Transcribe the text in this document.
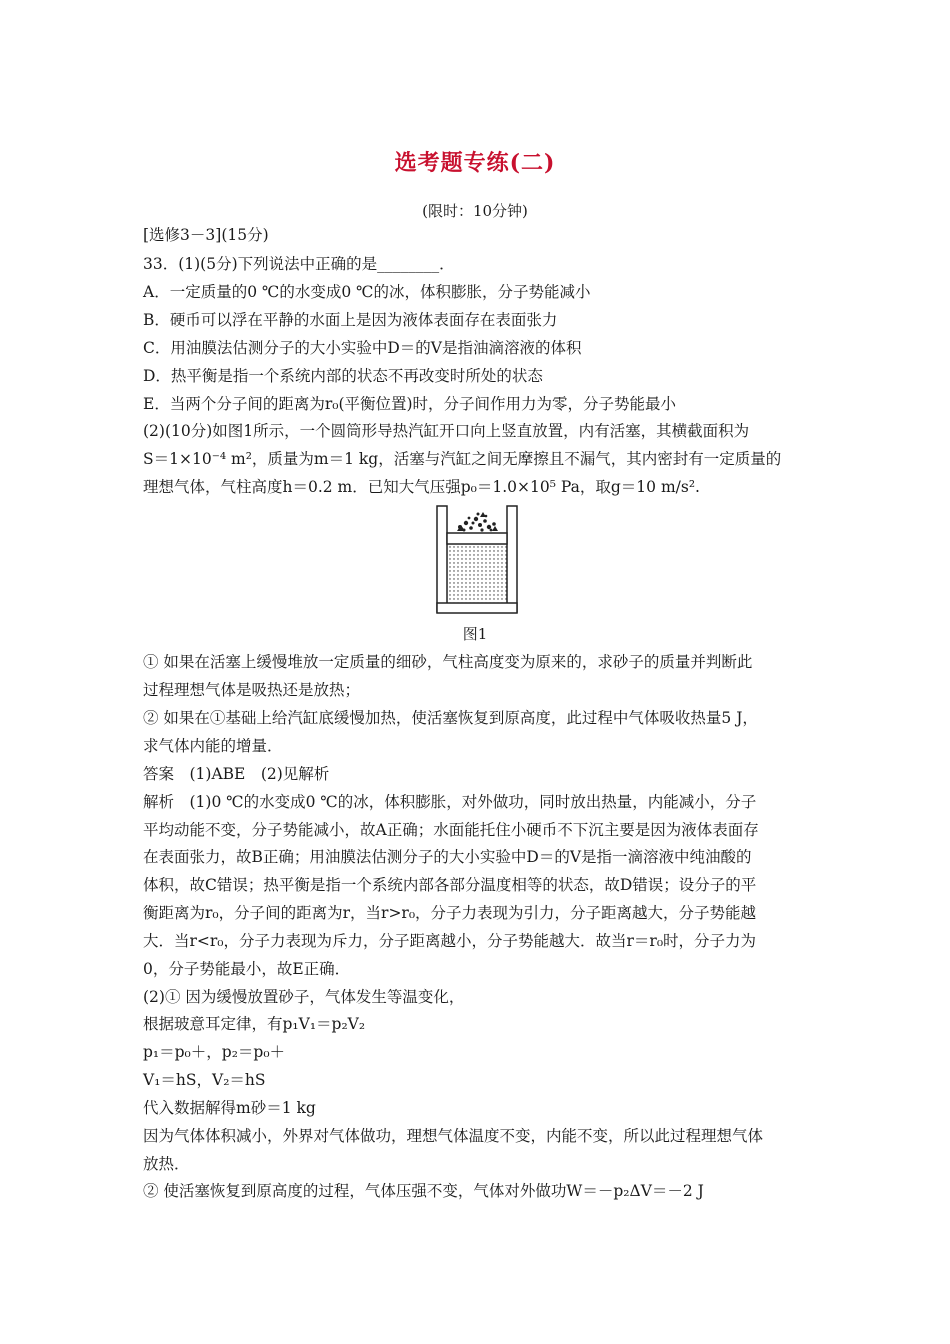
选考题专练(二)
(限时：10分钟)
[选修3－3](15分)
33．(1)(5分)下列说法中正确的是________．
A．一定质量的0 ℃的水变成0 ℃的冰，体积膨胀，分子势能减小
B．硬币可以浮在平静的水面上是因为液体表面存在表面张力
C．用油膜法估测分子的大小实验中D＝的V是指油滴溶液的体积
D．热平衡是指一个系统内部的状态不再改变时所处的状态
E．当两个分子间的距离为r₀(平衡位置)时，分子间作用力为零，分子势能最小
(2)(10分)如图1所示，一个圆筒形导热汽缸开口向上竖直放置，内有活塞，其横截面积为
S＝1×10⁻⁴ m²，质量为m＝1 kg，活塞与汽缸之间无摩擦且不漏气，其内密封有一定质量的
理想气体，气柱高度h＝0.2 m．已知大气压强p₀＝1.0×10⁵ Pa，取g＝10 m/s².
图1
① 如果在活塞上缓慢堆放一定质量的细砂，气柱高度变为原来的，求砂子的质量并判断此
过程理想气体是吸热还是放热；
② 如果在①基础上给汽缸底缓慢加热，使活塞恢复到原高度，此过程中气体吸收热量5 J，
求气体内能的增量．
答案　(1)ABE　(2)见解析
解析　(1)0 ℃的水变成0 ℃的冰，体积膨胀，对外做功，同时放出热量，内能减小，分子
平均动能不变，分子势能减小，故A正确；水面能托住小硬币不下沉主要是因为液体表面存
在表面张力，故B正确；用油膜法估测分子的大小实验中D＝的V是指一滴溶液中纯油酸的
体积，故C错误；热平衡是指一个系统内部各部分温度相等的状态，故D错误；设分子的平
衡距离为r₀，分子间的距离为r，当r>r₀，分子力表现为引力，分子距离越大，分子势能越
大．当r<r₀，分子力表现为斥力，分子距离越小，分子势能越大．故当r＝r₀时，分子力为
0，分子势能最小，故E正确．
(2)① 因为缓慢放置砂子，气体发生等温变化，
根据玻意耳定律，有p₁V₁＝p₂V₂
p₁＝p₀＋，p₂＝p₀＋
V₁＝hS，V₂＝hS
代入数据解得m砂＝1 kg
因为气体体积减小，外界对气体做功，理想气体温度不变，内能不变，所以此过程理想气体
放热．
② 使活塞恢复到原高度的过程，气体压强不变，气体对外做功W＝－p₂ΔV＝－2 J
